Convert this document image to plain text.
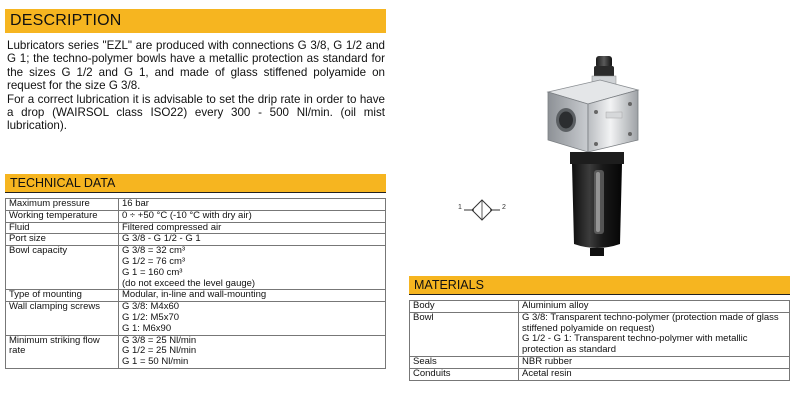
DESCRIPTION

Lubricators series "EZL" are produced with connections G 3/8, G 1/2 and G 1; the techno-polymer bowls have a metallic protection as standard for the sizes G 1/2 and G 1, and made of glass stiffened polyamide on request for the size G 3/8.

For a correct lubrication it is advisable to set the drip rate in order to have a drop (WAIRSOL class ISO22) every 300 - 500 Nl/min. (oil mist lubrication).

TECHNICAL DATA
Maximum pressure	16 bar

Working temperature	0 ÷ +50 °C (-10 °C with dry air)

Fluid	Filtered compressed air

Port size	G 3/8 - G 1/2 - G 1

Bowl capacity	G 3/8 = 32 cm³
G 1/2 = 76 cm³
G 1 = 160 cm³
(do not exceed the level gauge)

Type of mounting	Modular, in-line and wall-mounting

Wall clamping screws	G 3/8: M4x60
G 1/2: M5x70
G 1: M6x90

Minimum striking flow rate	G 3/8 = 25 Nl/min
G 1/2 = 25 Nl/min
G 1 = 50 Nl/min
MATERIALS
Body	Aluminium alloy

Bowl	G 3/8: Transparent techno-polymer (protection made of glass stiffened polyamide on request)
G 1/2 - G 1: Transparent techno-polymer with metallic protection as standard

Seals	NBR rubber

Conduits	Acetal resin
1	2
